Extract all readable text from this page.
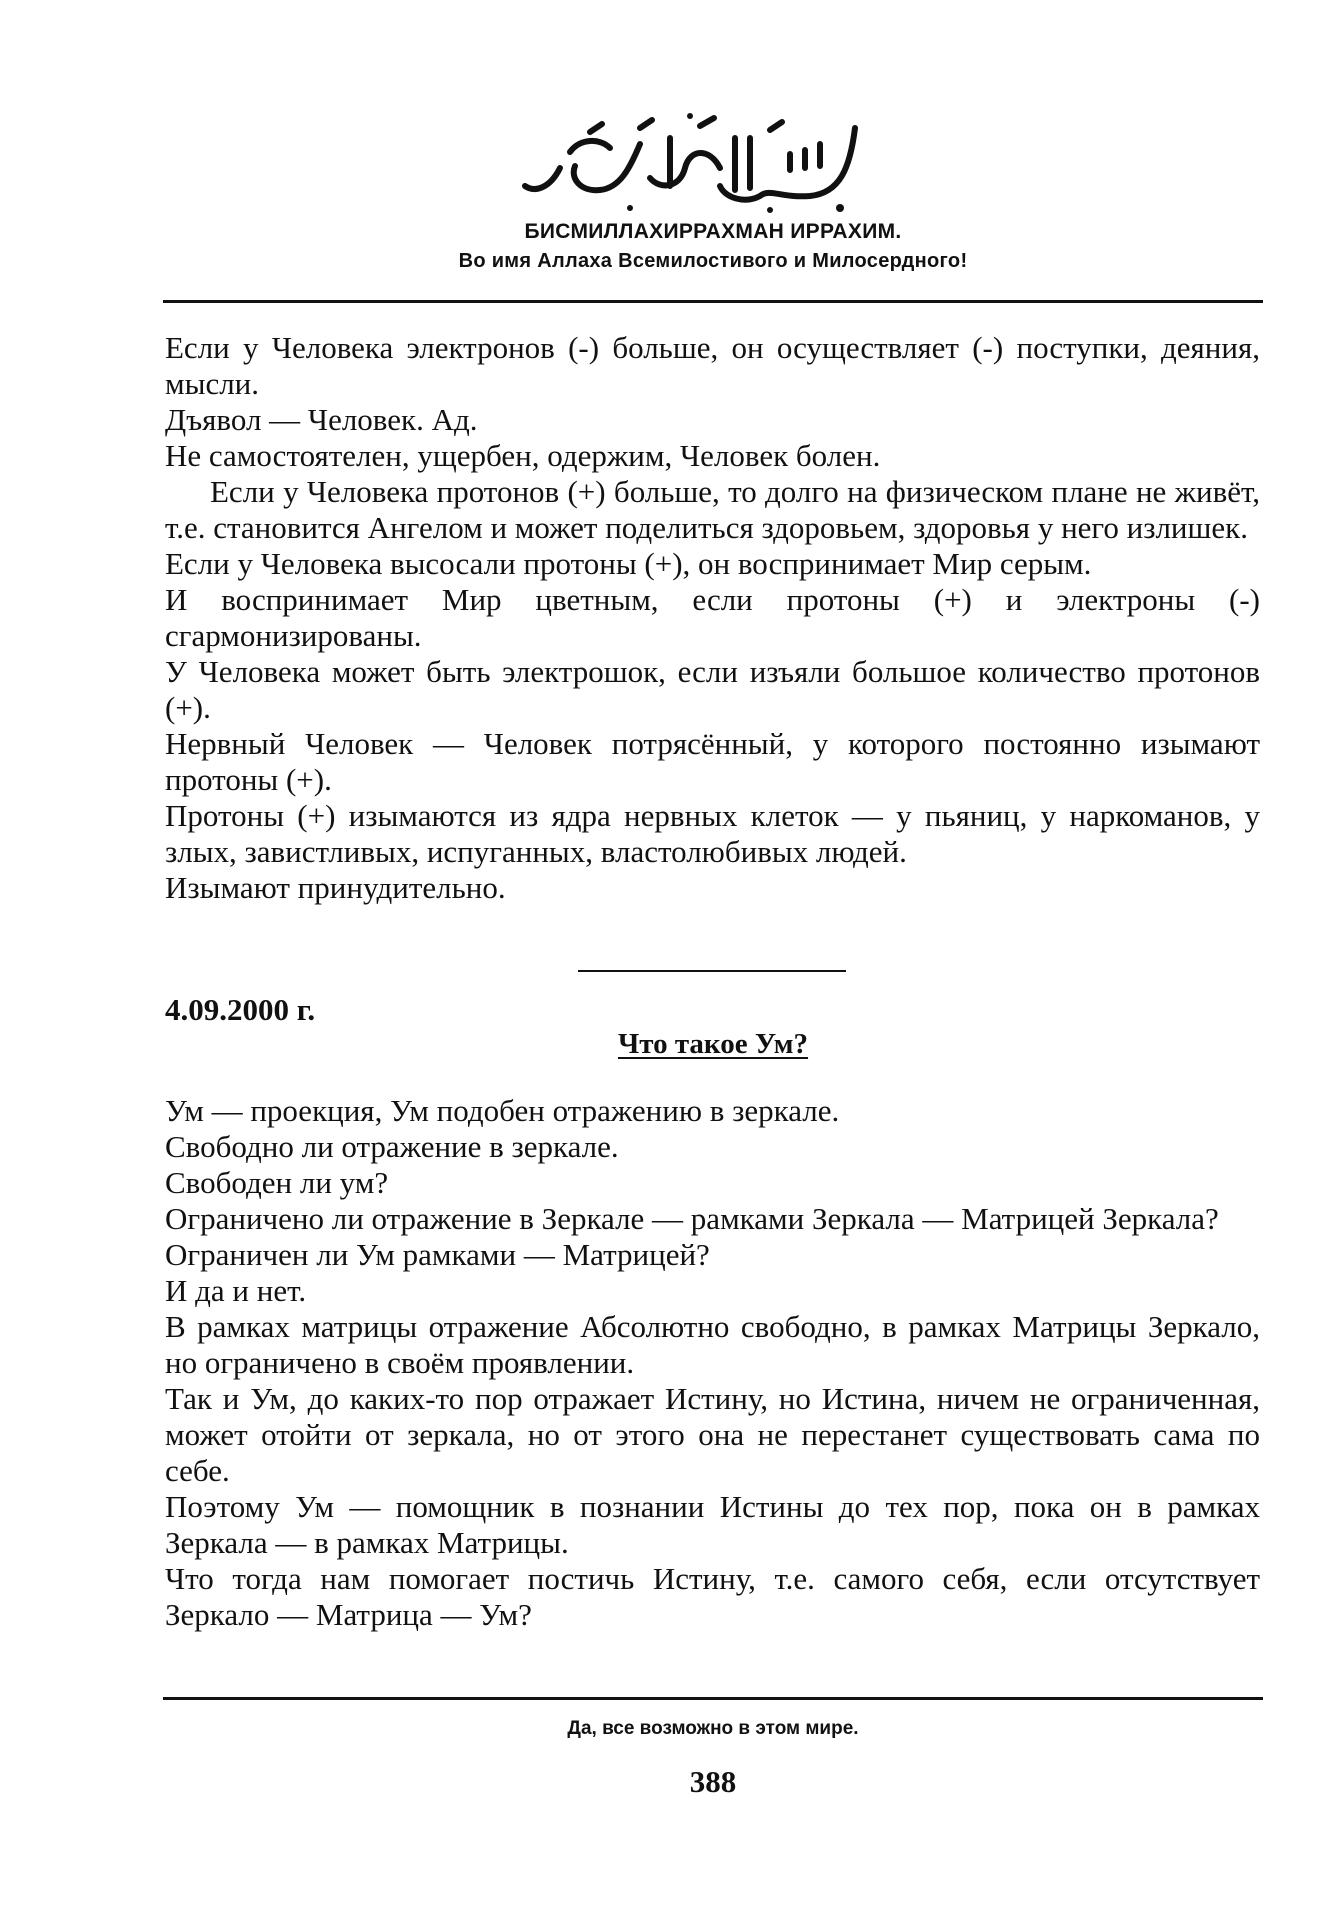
БИСМИЛЛАХИРРАХМАН ИРРАХИМ.
Во имя Аллаха Всемилостивого и Милосердного!

Если у Человека электронов (-) больше, он осуществляет (-) поступки, деяния, мысли.

Дъявол — Человек. Ад.

Не самостоятелен, ущербен, одержим, Человек болен.

Если у Человека протонов (+) больше, то долго на физическом плане не живёт, т.е. становится Ангелом и может поделиться здоровьем, здоровья у него излишек.

Если у Человека высосали протоны (+), он воспринимает Мир серым.

И воспринимает Мир цветным, если протоны (+) и электроны (-) сгармонизированы.

У Человека может быть электрошок, если изъяли большое количество протонов (+).

Нервный Человек — Человек потрясённый, у которого постоянно изымают протоны (+).

Протоны (+) изымаются из ядра нервных клеток — у пьяниц, у наркоманов, у злых, завистливых, испуганных, властолюбивых людей.

Изымают принудительно.

4.09.2000 г.
Что такое Ум?

Ум — проекция, Ум подобен отражению в зеркале.

Свободно ли отражение в зеркале.

Свободен ли ум?

Ограничено ли отражение в Зеркале — рамками Зеркала — Матрицей Зеркала?

Ограничен ли Ум рамками — Матрицей?

И да и нет.

В рамках матрицы отражение Абсолютно свободно, в рамках Матрицы Зеркало, но ограничено в своём проявлении.

Так и Ум, до каких-то пор отражает Истину, но Истина, ничем не ограниченная, может отойти от зеркала, но от этого она не перестанет существовать сама по себе.

Поэтому Ум — помощник в познании Истины до тех пор, пока он в рамках Зеркала — в рамках Матрицы.

Что тогда нам помогает постичь Истину, т.е. самого себя, если отсутствует Зеркало — Матрица — Ум?

Да, все возможно в этом мире.
388
